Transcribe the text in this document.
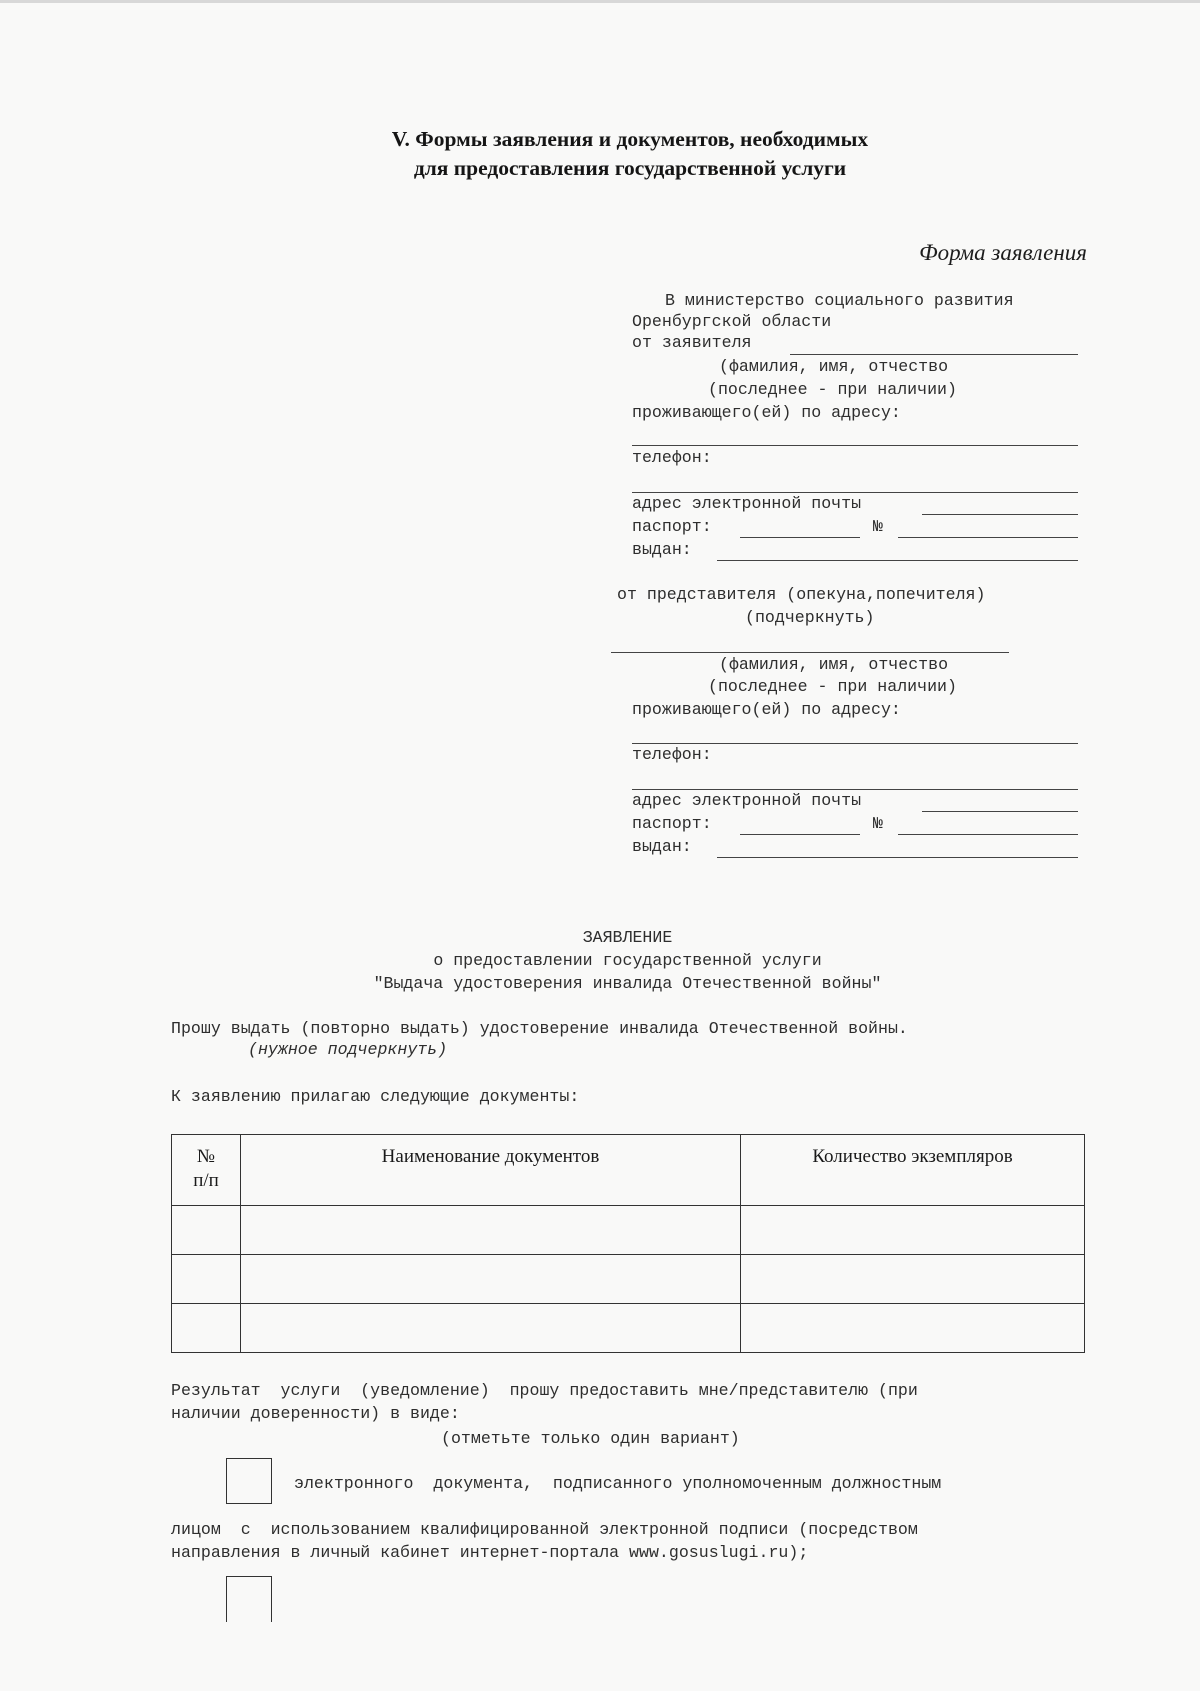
V. Формы заявления и документов, необходимых
для предоставления государственной услуги
Форма заявления
В министерство социального развития
Оренбургской области
от заявителя
(фамилия, имя, отчество
(последнее - при наличии)
проживающего(ей) по адресу:
телефон:
адрес электронной почты
паспорт:	№
выдан:
от представителя (опекуна,попечителя)
(подчеркнуть)
(фамилия, имя, отчество
(последнее - при наличии)
проживающего(ей) по адресу:
телефон:
адрес электронной почты
паспорт:	№
выдан:
ЗАЯВЛЕНИЕ
о предоставлении государственной услуги
"Выдача удостоверения инвалида Отечественной войны"
Прошу выдать (повторно выдать) удостоверение инвалида Отечественной войны.
(нужное подчеркнуть)
К заявлению прилагаю следующие документы:
№
п/п	Наименование документов	Количество экземпляров

Результат  услуги  (уведомление)  прошу предоставить мне/представителю (при
наличии доверенности) в виде:
(отметьте только один вариант)
электронного  документа,  подписанного уполномоченным должностным
лицом  с  использованием квалифицированной электронной подписи (посредством
направления в личный кабинет интернет-портала www.gosuslugi.ru);
